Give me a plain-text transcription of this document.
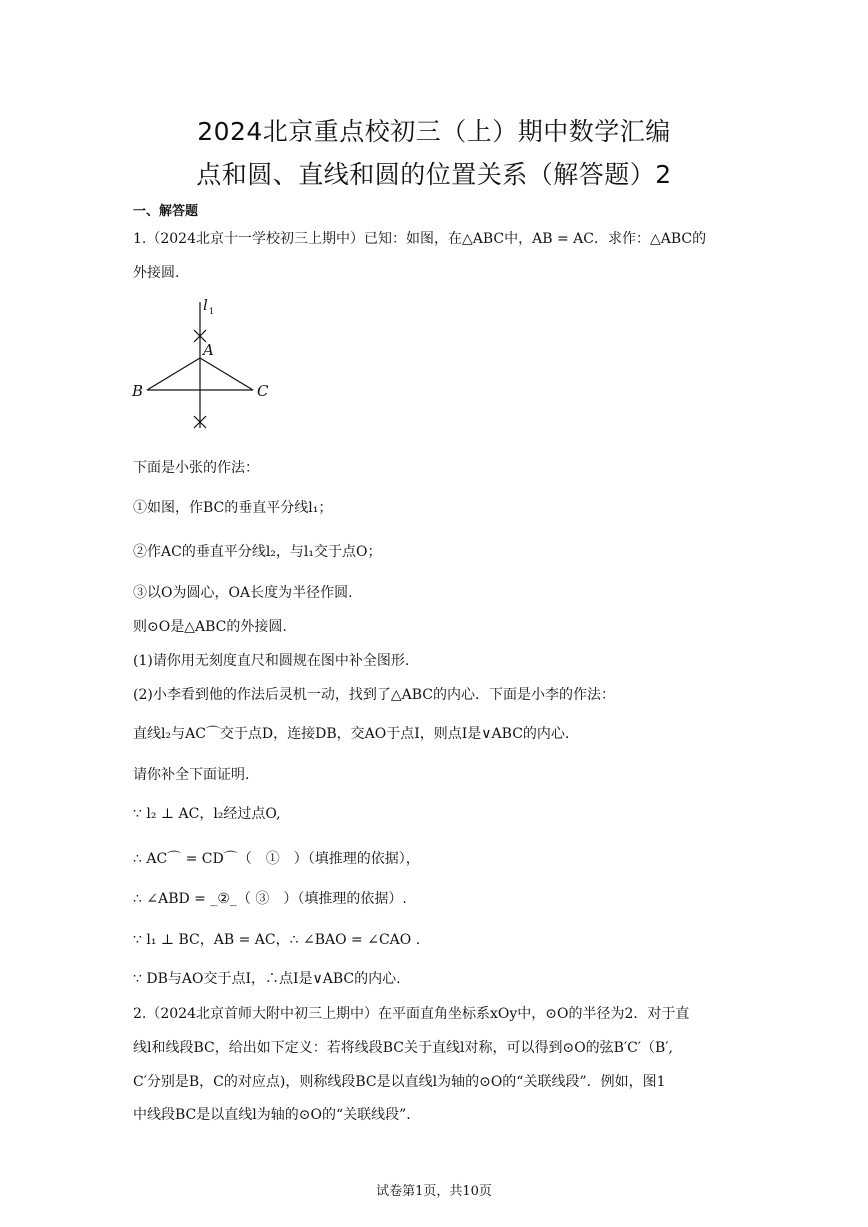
2024北京重点校初三（上）期中数学汇编
点和圆、直线和圆的位置关系（解答题）2
一、解答题
1.（2024北京十一学校初三上期中）已知：如图，在△ABC中，AB = AC．求作：△ABC的
外接圆.
l 1
A
B	C
下面是小张的作法：
①如图，作BC的垂直平分线l₁；
②作AC的垂直平分线l₂，与l₁交于点O；
③以O为圆心，OA长度为半径作圆.
则⊙O是△ABC的外接圆.
(1)请你用无刻度直尺和圆规在图中补全图形.
(2)小李看到他的作法后灵机一动，找到了△ABC的内心．下面是小李的作法：
直线l₂与AC⌒交于点D，连接DB，交AO于点I，则点I是∨ABC的内心.
请你补全下面证明.
∵ l₂ ⊥ AC，l₂经过点O,
∴ AC⌒ = CD⌒（　①　）（填推理的依据），
∴ ∠ABD = _②_（ ③　）（填推理的依据）.
∵ l₁ ⊥ BC，AB = AC，∴ ∠BAO = ∠CAO .
∵ DB与AO交于点I，∴点I是∨ABC的内心.
2.（2024北京首师大附中初三上期中）在平面直角坐标系xOy中，⊙O的半径为2．对于直
线l和线段BC，给出如下定义：若将线段BC关于直线l对称，可以得到⊙O的弦B′C′（B′,
C′分别是B，C的对应点)，则称线段BC是以直线l为轴的⊙O的“关联线段”．例如，图1
中线段BC是以直线l为轴的⊙O的“关联线段”.
试卷第1页，共10页
